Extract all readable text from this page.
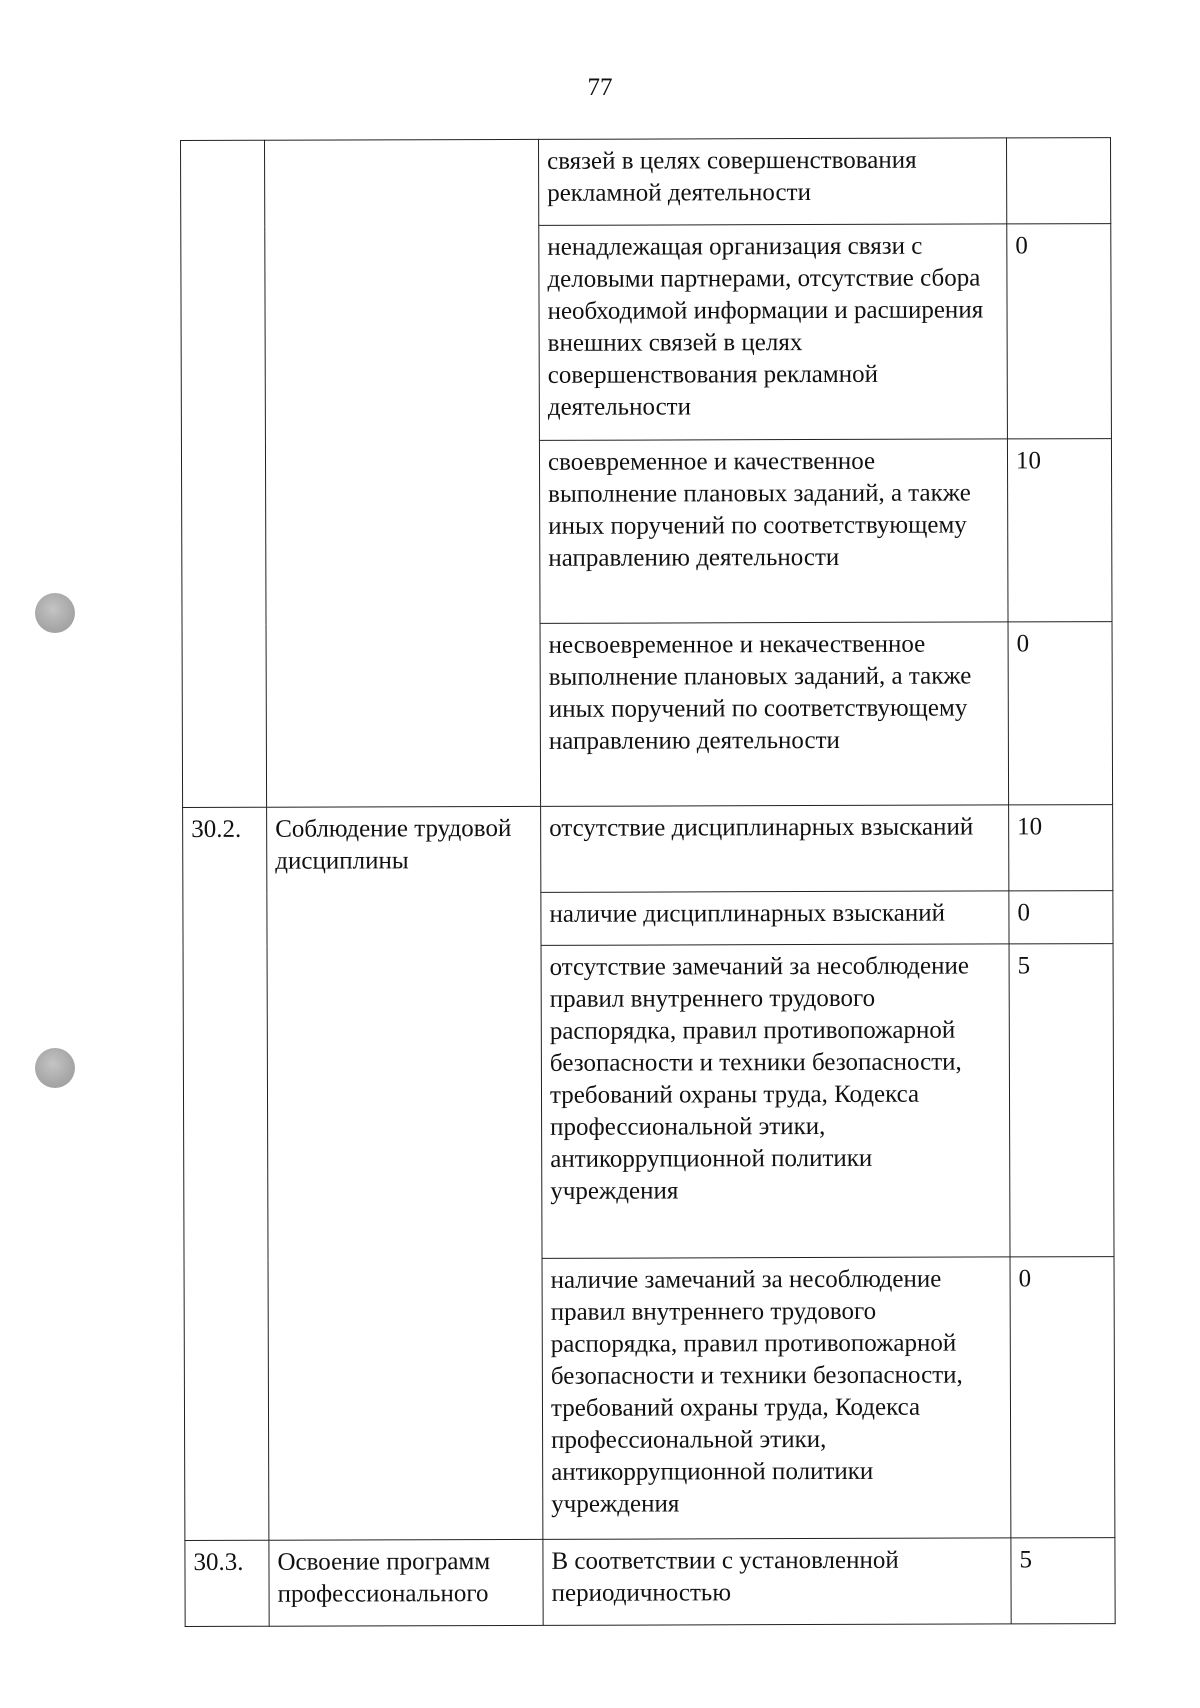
77
		связей в целях совершенствования рекламной деятельности	
		ненадлежащая организация связи с деловыми партнерами, отсутствие сбора необходимой информации и расширения внешних связей в целях совершенствования рекламной деятельности	0
		своевременное и качественное выполнение плановых заданий, а также иных поручений по соответствующему направлению деятельности	10
		несвоевременное и некачественное выполнение плановых заданий, а также иных поручений по соответствующему направлению деятельности	0
30.2.	Соблюдение трудовой дисциплины	отсутствие дисциплинарных взысканий	10
		наличие дисциплинарных взысканий	0
		отсутствие замечаний за несоблюдение правил внутреннего трудового распорядка, правил противопожарной безопасности и техники безопасности, требований охраны труда, Кодекса профессиональной этики, антикоррупционной политики учреждения	5
		наличие замечаний за несоблюдение правил внутреннего трудового распорядка, правил противопожарной безопасности и техники безопасности, требований охраны труда, Кодекса профессиональной этики, антикоррупционной политики учреждения	0
30.3.	Освоение программ профессионального	В соответствии с установленной периодичностью	5
